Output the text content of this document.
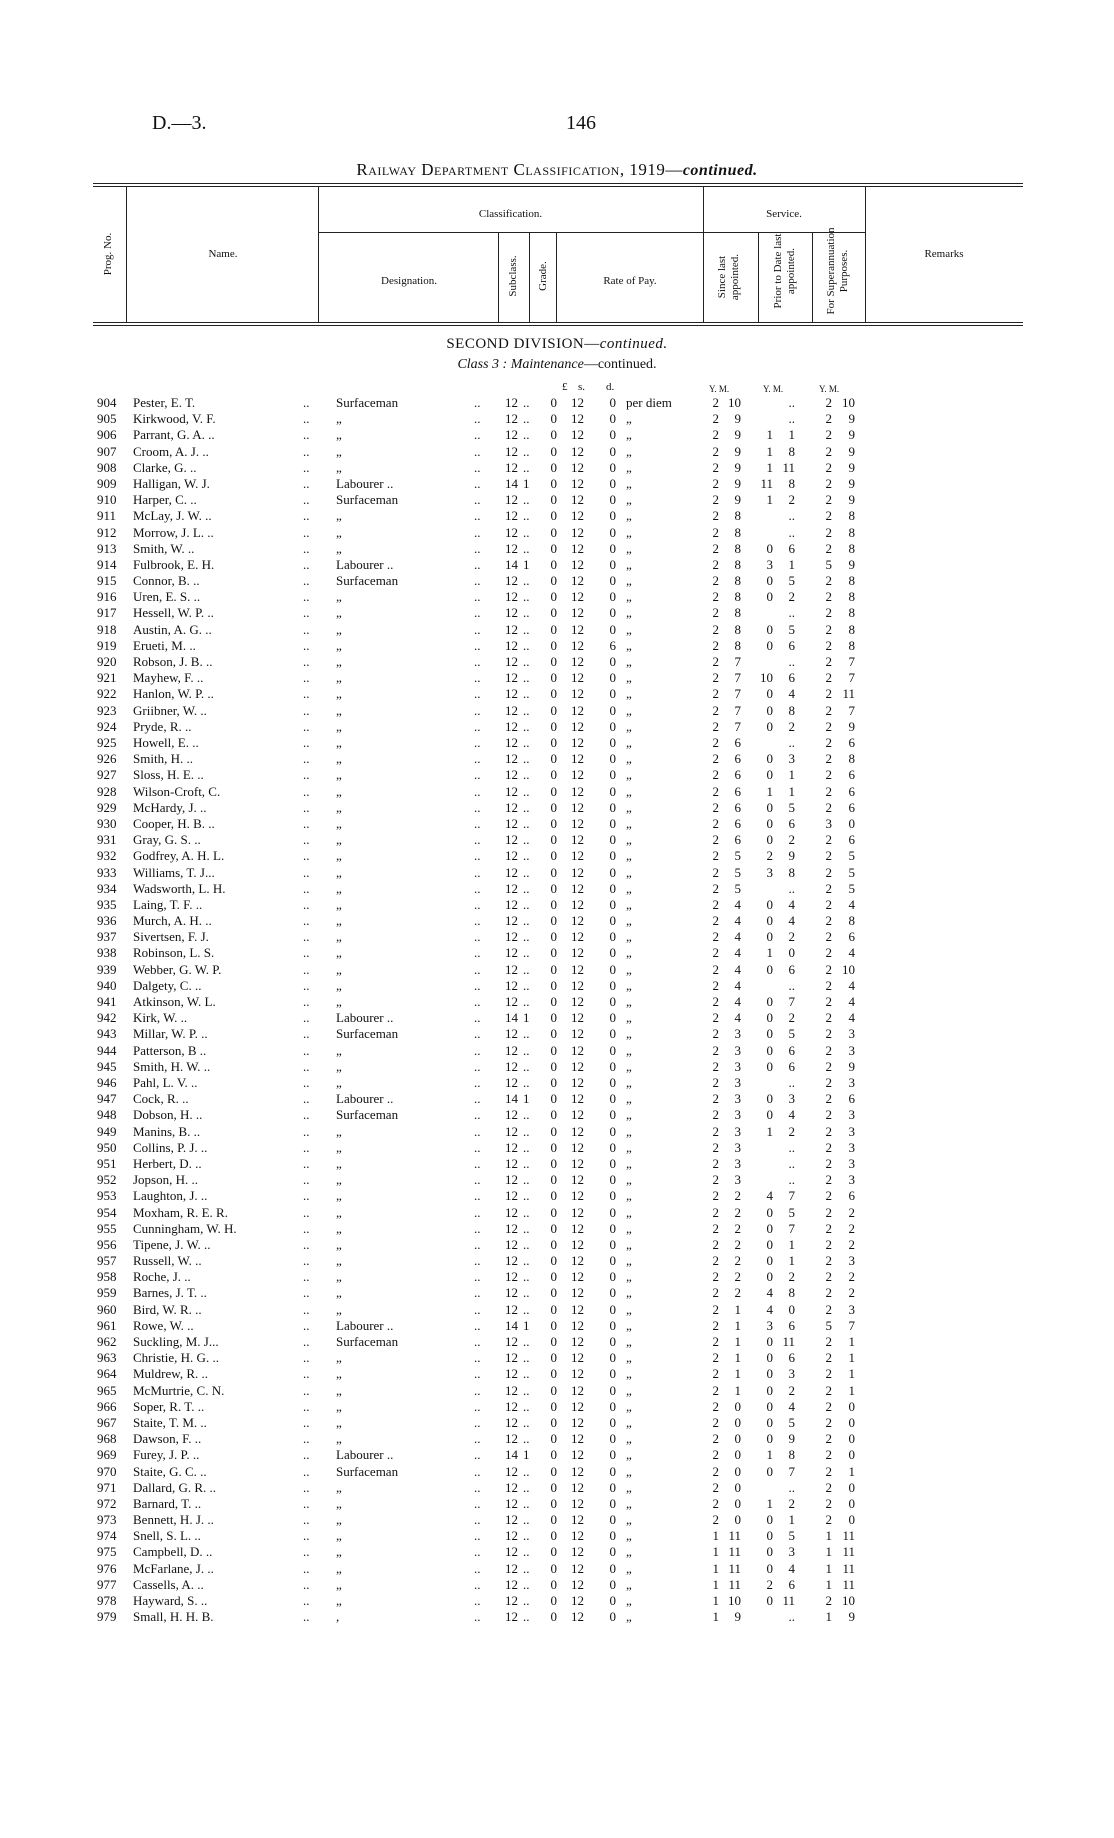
D.—3.	146
Railway Department Classification, 1919—continued.
Prog. No.	Name.
Classification.
Designation.	Subclass. Grade.	Rate of Pay.
Service.
Since last appointed.	Prior to Date last appointed.	For Superannuation Purposes.	Remarks
SECOND DIVISION—continued.
Class 3 : Maintenance—continued.
£ s. d.	Y. M.	Y. M.	Y. M.
904	Pester, E. T.	.. Surfaceman	.. 12 ..	0	12	0 per diem	2 10	..	2 10
905	Kirkwood, V. F.	.. „	.. 12 ..	0	12	0 „	2	9	..	2	9
906	Parrant, G. A. ..	.. „	.. 12 ..	0	12	0 „	2	9	1	1	2	9
907	Croom, A. J. ..	.. „	.. 12 ..	0	12	0 „	2	9	1	8	2	9
908	Clarke, G. ..	.. „	.. 12 ..	0	12	0 „	2	9	1 11	2	9
909	Halligan, W. J.	.. Labourer ..	.. 14 1	0	12	0 „	2	9	11	8	2	9
910	Harper, C. ..	.. Surfaceman	.. 12 ..	0	12	0 „	2	9	1	2	2	9
911	McLay, J. W. ..	.. „	.. 12 ..	0	12	0 „	2	8	..	2	8
912	Morrow, J. L. ..	.. „	.. 12 ..	0	12	0 „	2	8	..	2	8
913	Smith, W. ..	.. „	.. 12 ..	0	12	0 „	2	8	0	6	2	8
914	Fulbrook, E. H.	.. Labourer ..	.. 14 1	0	12	0 „	2	8	3	1	5	9
915	Connor, B. ..	.. Surfaceman	.. 12 ..	0	12	0 „	2	8	0	5	2	8
916	Uren, E. S. ..	.. „	.. 12 ..	0	12	0 „	2	8	0	2	2	8
917	Hessell, W. P. ..	.. „	.. 12 ..	0	12	0 „	2	8	..	2	8
918	Austin, A. G. ..	.. „	.. 12 ..	0	12	0 „	2	8	0	5	2	8
919	Erueti, M. ..	.. „	.. 12 ..	0	12	6 „	2	8	0	6	2	8
920	Robson, J. B. ..	.. „	.. 12 ..	0	12	0 „	2	7	..	2	7
921	Mayhew, F. ..	.. „	.. 12 ..	0	12	0 „	2	7	10	6	2	7
922	Hanlon, W. P. ..	.. „	.. 12 ..	0	12	0 „	2	7	0	4	2 11
923	Griibner, W. ..	.. „	.. 12 ..	0	12	0 „	2	7	0	8	2	7
924	Pryde, R. ..	.. „	.. 12 ..	0	12	0 „	2	7	0	2	2	9
925	Howell, E. ..	.. „	.. 12 ..	0	12	0 „	2	6	..	2	6
926	Smith, H. ..	.. „	.. 12 ..	0	12	0 „	2	6	0	3	2	8
927	Sloss, H. E. ..	.. „	.. 12 ..	0	12	0 „	2	6	0	1	2	6
928	Wilson-Croft, C.	.. „	.. 12 ..	0	12	0 „	2	6	1	1	2	6
929	McHardy, J. ..	.. „	.. 12 ..	0	12	0 „	2	6	0	5	2	6
930	Cooper, H. B. ..	.. „	.. 12 ..	0	12	0 „	2	6	0	6	3	0
931	Gray, G. S. ..	.. „	.. 12 ..	0	12	0 „	2	6	0	2	2	6
932	Godfrey, A. H. L.	.. „	.. 12 ..	0	12	0 „	2	5	2	9	2	5
933	Williams, T. J...	.. „	.. 12 ..	0	12	0 „	2	5	3	8	2	5
934	Wadsworth, L. H.	.. „	.. 12 ..	0	12	0 „	2	5	..	2	5
935	Laing, T. F. ..	.. „	.. 12 ..	0	12	0 „	2	4	0	4	2	4
936	Murch, A. H. ..	.. „	.. 12 ..	0	12	0 „	2	4	0	4	2	8
937	Sivertsen, F. J.	.. „	.. 12 ..	0	12	0 „	2	4	0	2	2	6
938	Robinson, L. S.	.. „	.. 12 ..	0	12	0 „	2	4	1	0	2	4
939	Webber, G. W. P.	.. „	.. 12 ..	0	12	0 „	2	4	0	6	2 10
940	Dalgety, C. ..	.. „	.. 12 ..	0	12	0 „	2	4	..	2	4
941	Atkinson, W. L.	.. „	.. 12 ..	0	12	0 „	2	4	0	7	2	4
942	Kirk, W. ..	.. Labourer ..	.. 14 1	0	12	0 „	2	4	0	2	2	4
943	Millar, W. P. ..	.. Surfaceman	.. 12 ..	0	12	0 „	2	3	0	5	2	3
944	Patterson, B ..	.. „	.. 12 ..	0	12	0 „	2	3	0	6	2	3
945	Smith, H. W. ..	.. „	.. 12 ..	0	12	0 „	2	3	0	6	2	9
946	Pahl, L. V. ..	.. „	.. 12 ..	0	12	0 „	2	3	..	2	3
947	Cock, R. ..	.. Labourer ..	.. 14 1	0	12	0 „	2	3	0	3	2	6
948	Dobson, H. ..	.. Surfaceman	.. 12 ..	0	12	0 „	2	3	0	4	2	3
949	Manins, B. ..	.. „	.. 12 ..	0	12	0 „	2	3	1	2	2	3
950	Collins, P. J. ..	.. „	.. 12 ..	0	12	0 „	2	3	..	2	3
951	Herbert, D. ..	.. „	.. 12 ..	0	12	0 „	2	3	..	2	3
952	Jopson, H. ..	.. „	.. 12 ..	0	12	0 „	2	3	..	2	3
953	Laughton, J. ..	.. „	.. 12 ..	0	12	0 „	2	2	4	7	2	6
954	Moxham, R. E. R.	.. „	.. 12 ..	0	12	0 „	2	2	0	5	2	2
955	Cunningham, W. H.	.. „	.. 12 ..	0	12	0 „	2	2	0	7	2	2
956	Tipene, J. W. ..	.. „	.. 12 ..	0	12	0 „	2	2	0	1	2	2
957	Russell, W. ..	.. „	.. 12 ..	0	12	0 „	2	2	0	1	2	3
958	Roche, J. ..	.. „	.. 12 ..	0	12	0 „	2	2	0	2	2	2
959	Barnes, J. T. ..	.. „	.. 12 ..	0	12	0 „	2	2	4	8	2	2
960	Bird, W. R. ..	.. „	.. 12 ..	0	12	0 „	2	1	4	0	2	3
961	Rowe, W. ..	.. Labourer ..	.. 14 1	0	12	0 „	2	1	3	6	5	7
962	Suckling, M. J...	.. Surfaceman	.. 12 ..	0	12	0 „	2	1	0 11	2	1
963	Christie, H. G. ..	.. „	.. 12 ..	0	12	0 „	2	1	0	6	2	1
964	Muldrew, R. ..	.. „	.. 12 ..	0	12	0 „	2	1	0	3	2	1
965	McMurtrie, C. N.	.. „	.. 12 ..	0	12	0 „	2	1	0	2	2	1
966	Soper, R. T. ..	.. „	.. 12 ..	0	12	0 „	2	0	0	4	2	0
967	Staite, T. M. ..	.. „	.. 12 ..	0	12	0 „	2	0	0	5	2	0
968	Dawson, F. ..	.. „	.. 12 ..	0	12	0 „	2	0	0	9	2	0
969	Furey, J. P. ..	.. Labourer ..	.. 14 1	0	12	0 „	2	0	1	8	2	0
970	Staite, G. C. ..	.. Surfaceman	.. 12 ..	0	12	0 „	2	0	0	7	2	1
971	Dallard, G. R. ..	.. „	.. 12 ..	0	12	0 „	2	0	..	2	0
972	Barnard, T. ..	.. „	.. 12 ..	0	12	0 „	2	0	1	2	2	0
973	Bennett, H. J. ..	.. „	.. 12 ..	0	12	0 „	2	0	0	1	2	0
974	Snell, S. L. ..	.. „	.. 12 ..	0	12	0 „	1 11	0	5	1 11
975	Campbell, D. ..	.. „	.. 12 ..	0	12	0 „	1 11	0	3	1 11
976	McFarlane, J. ..	.. „	.. 12 ..	0	12	0 „	1 11	0	4	1 11
977	Cassells, A. ..	.. „	.. 12 ..	0	12	0 „	1 11	2	6	1 11
978	Hayward, S. ..	.. „	.. 12 ..	0	12	0 „	1 10	0 11	2 10
979	Small, H. H. B.	.. ,	.. 12 ..	0	12	0 „	1	9	..	1	9
